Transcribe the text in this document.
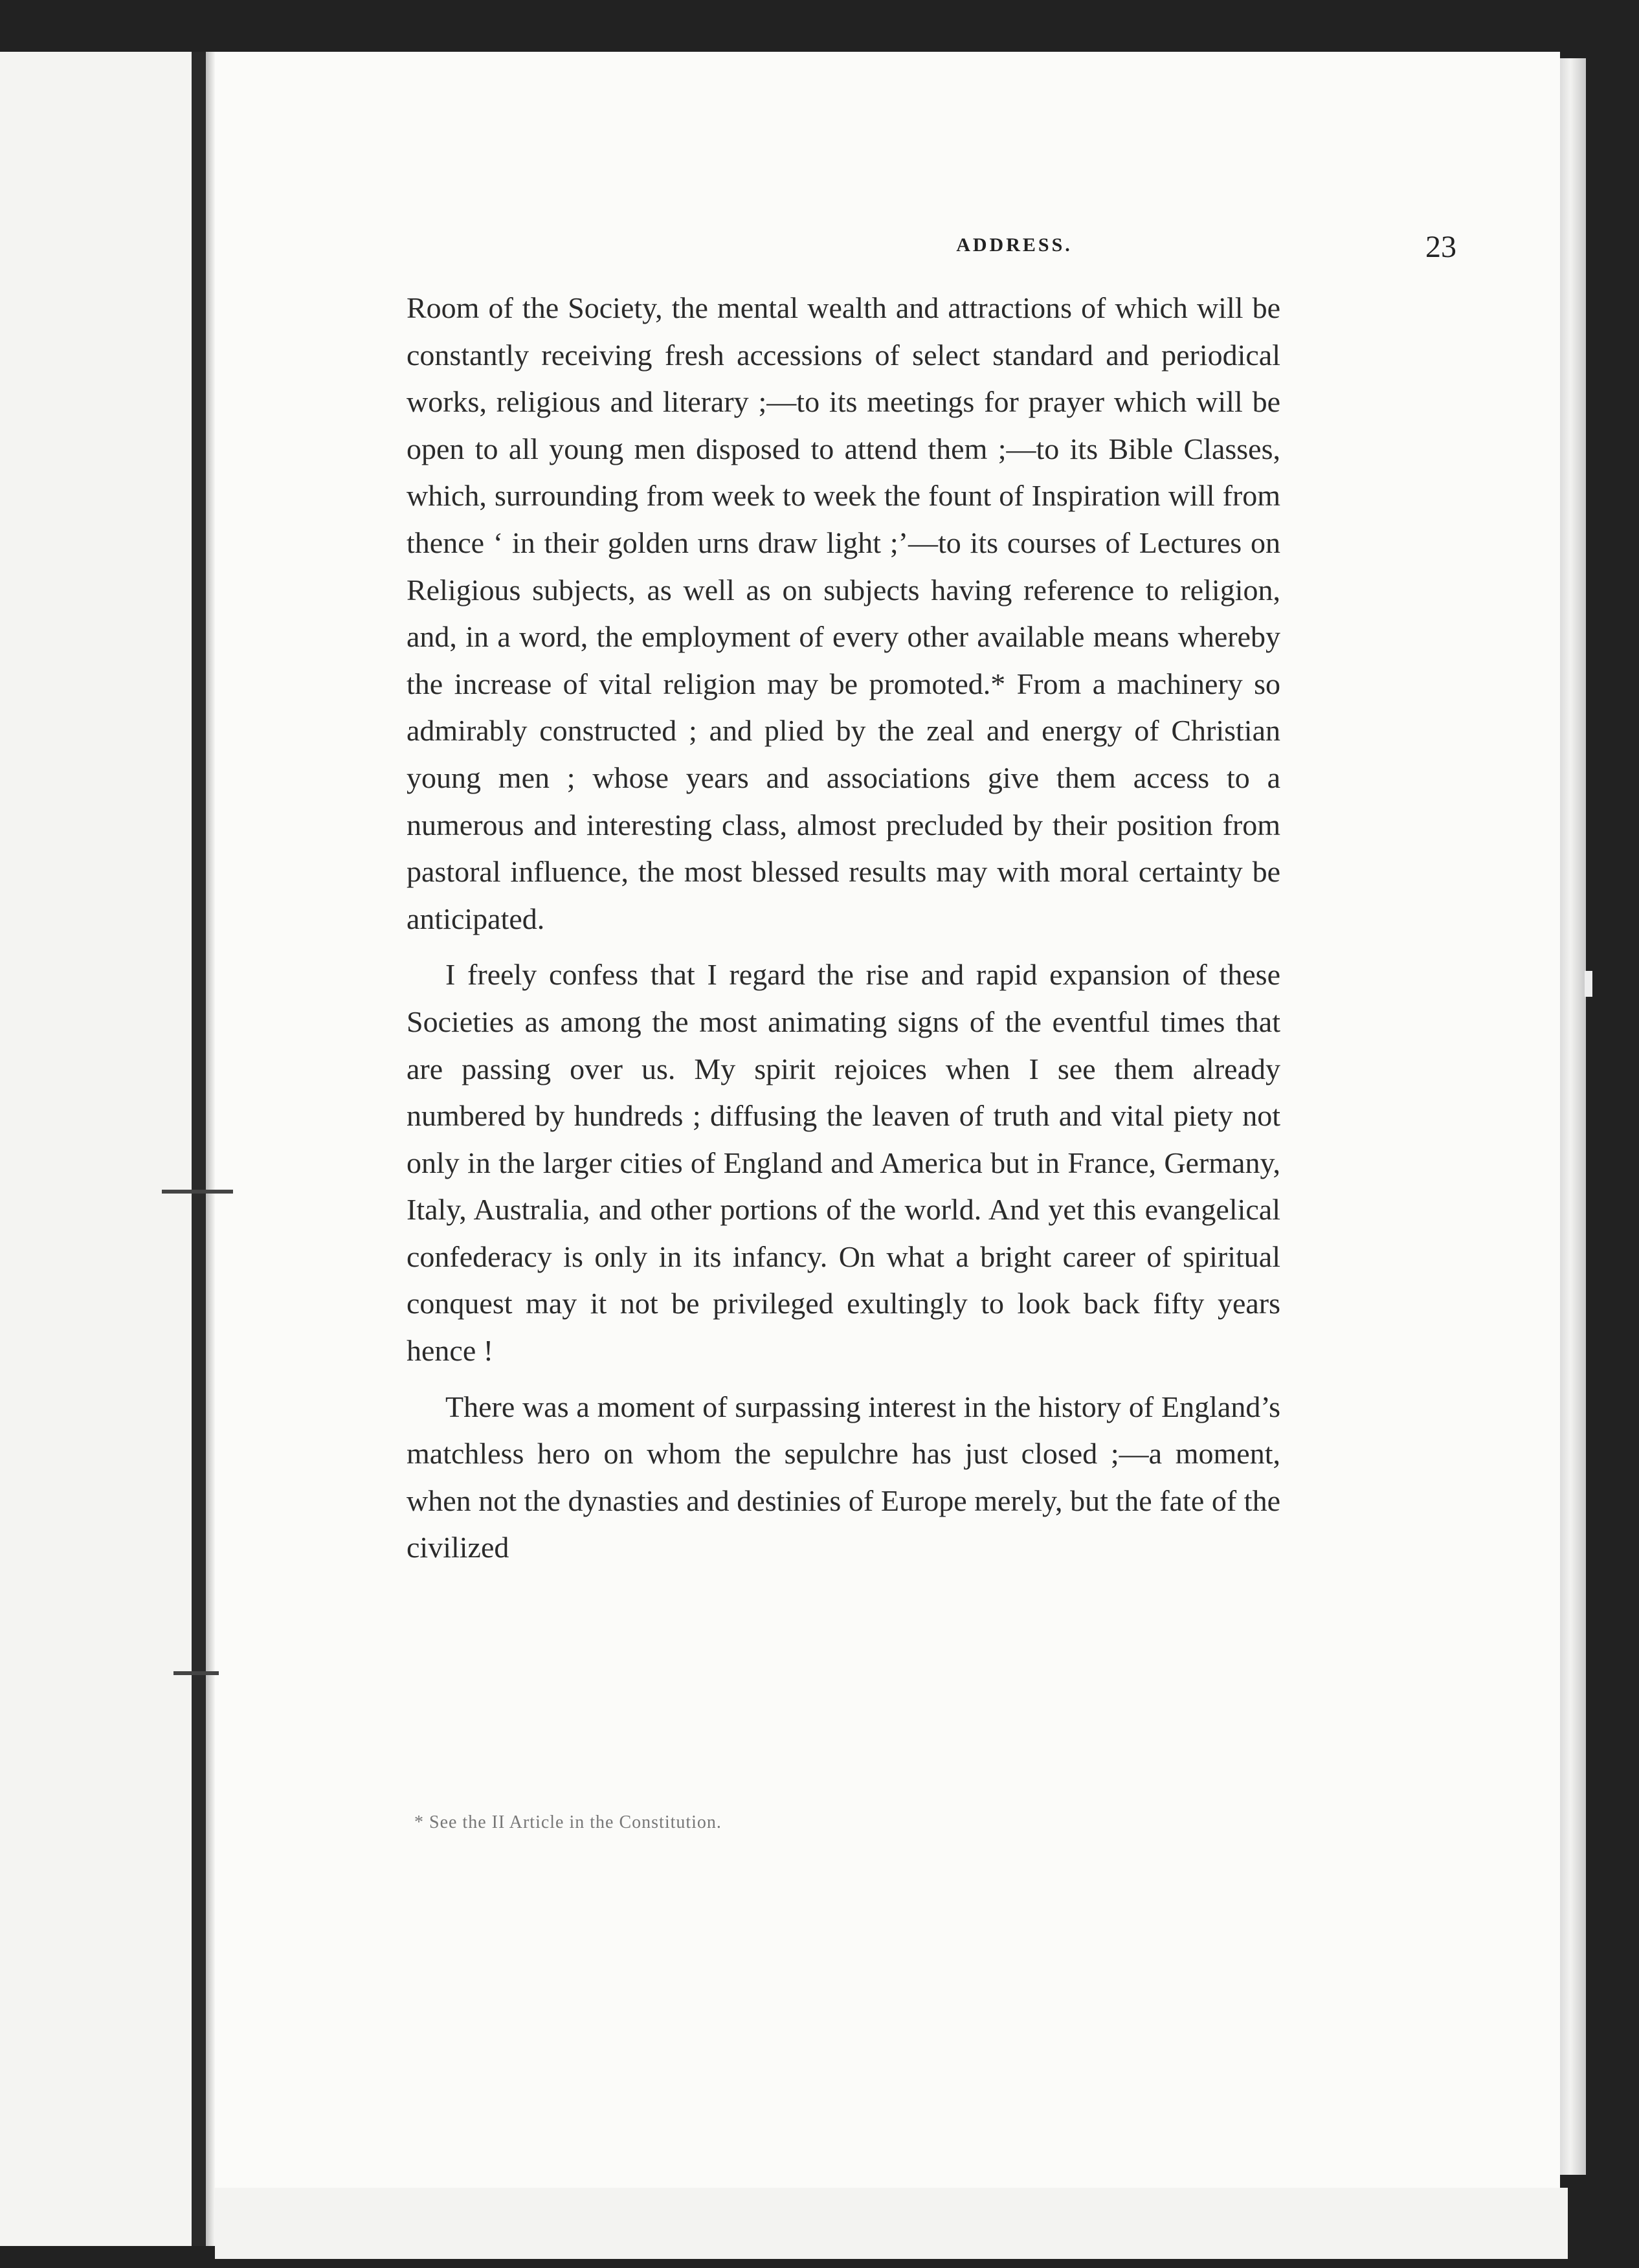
ADDRESS.	23

Room of the Society, the mental wealth and attractions of which will be constantly receiving fresh accessions of select standard and periodical works, religious and literary ;—to its meetings for prayer which will be open to all young men disposed to attend them ;—to its Bible Classes, which, surrounding from week to week the fount of Inspiration will from thence ‘ in their golden urns draw light ;’—to its courses of Lectures on Religious subjects, as well as on subjects having reference to religion, and, in a word, the employment of every other available means whereby the increase of vital religion may be promoted.* From a machinery so admirably constructed ; and plied by the zeal and energy of Christian young men ; whose years and associations give them access to a numerous and interesting class, almost precluded by their position from pastoral influence, the most blessed results may with moral certainty be anticipated.

I freely confess that I regard the rise and rapid expansion of these Societies as among the most animating signs of the eventful times that are passing over us. My spirit rejoices when I see them already numbered by hundreds ; diffusing the leaven of truth and vital piety not only in the larger cities of England and America but in France, Germany, Italy, Australia, and other portions of the world. And yet this evangelical confederacy is only in its infancy. On what a bright career of spiritual conquest may it not be privileged exultingly to look back fifty years hence !

There was a moment of surpassing interest in the history of England’s matchless hero on whom the sepulchre has just closed ;—a moment, when not the dynasties and destinies of Europe merely, but the fate of the civilized

* See the II Article in the Constitution.
